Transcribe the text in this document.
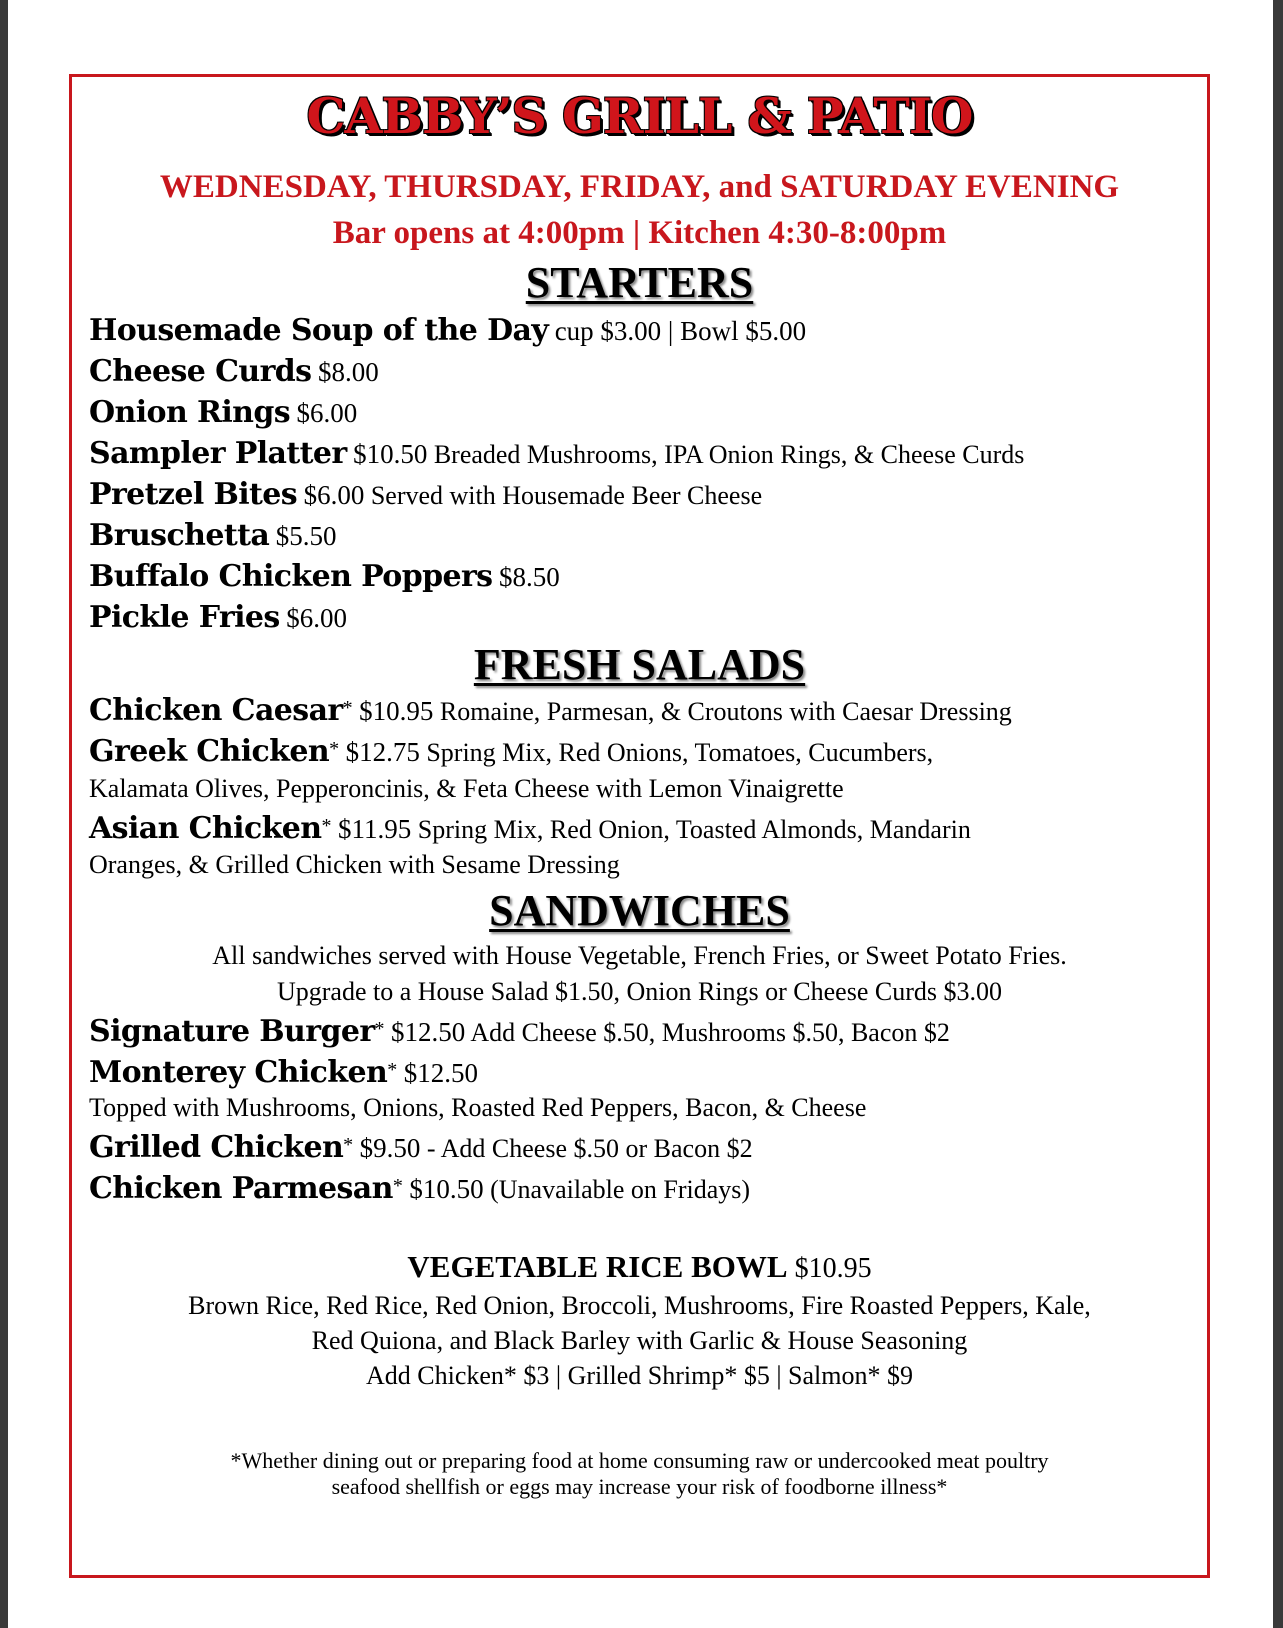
CABBY’S GRILL & PATIO
WEDNESDAY, THURSDAY, FRIDAY, and SATURDAY EVENING
Bar opens at 4:00pm | Kitchen 4:30-8:00pm
STARTERS
Housemade Soup of the Day cup $3.00 | Bowl $5.00
Cheese Curds $8.00
Onion Rings $6.00
Sampler Platter $10.50 Breaded Mushrooms, IPA Onion Rings, & Cheese Curds
Pretzel Bites $6.00 Served with Housemade Beer Cheese
Bruschetta $5.50
Buffalo Chicken Poppers $8.50
Pickle Fries $6.00
FRESH SALADS
Chicken Caesar* $10.95 Romaine, Parmesan, & Croutons with Caesar Dressing
Greek Chicken* $12.75 Spring Mix, Red Onions, Tomatoes, Cucumbers,
Kalamata Olives, Pepperoncinis, & Feta Cheese with Lemon Vinaigrette
Asian Chicken* $11.95 Spring Mix, Red Onion, Toasted Almonds, Mandarin
Oranges, & Grilled Chicken with Sesame Dressing
SANDWICHES
All sandwiches served with House Vegetable, French Fries, or Sweet Potato Fries.
Upgrade to a House Salad $1.50, Onion Rings or Cheese Curds $3.00
Signature Burger* $12.50 Add Cheese $.50, Mushrooms $.50, Bacon $2
Monterey Chicken* $12.50
Topped with Mushrooms, Onions, Roasted Red Peppers, Bacon, & Cheese
Grilled Chicken* $9.50 - Add Cheese $.50 or Bacon $2
Chicken Parmesan* $10.50 (Unavailable on Fridays)
VEGETABLE RICE BOWL $10.95
Brown Rice, Red Rice, Red Onion, Broccoli, Mushrooms, Fire Roasted Peppers, Kale,
Red Quiona, and Black Barley with Garlic & House Seasoning
Add Chicken* $3 | Grilled Shrimp* $5 | Salmon* $9
*Whether dining out or preparing food at home consuming raw or undercooked meat poultry
seafood shellfish or eggs may increase your risk of foodborne illness*
